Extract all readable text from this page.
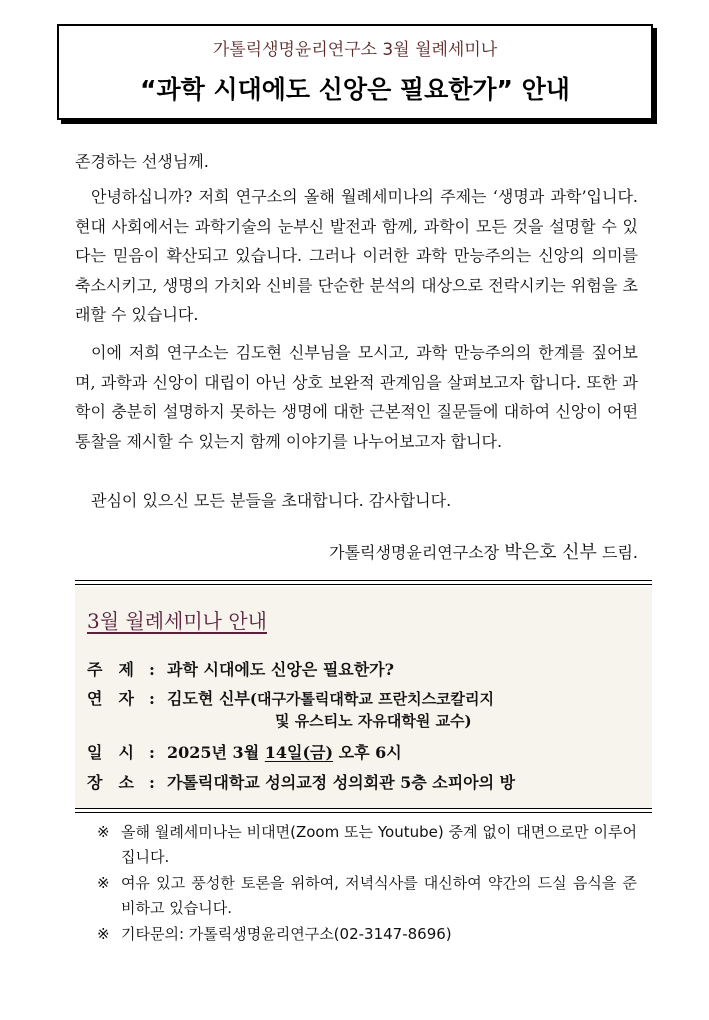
가톨릭생명윤리연구소 3월 월례세미나
“과학 시대에도 신앙은 필요한가” 안내
존경하는 선생님께.

안녕하십니까? 저희 연구소의 올해 월례세미나의 주제는 ‘생명과 과학’입니다. 현대 사회에서는 과학기술의 눈부신 발전과 함께, 과학이 모든 것을 설명할 수 있다는 믿음이 확산되고 있습니다. 그러나 이러한 과학 만능주의는 신앙의 의미를 축소시키고, 생명의 가치와 신비를 단순한 분석의 대상으로 전락시키는 위험을 초래할 수 있습니다.

이에 저희 연구소는 김도현 신부님을 모시고, 과학 만능주의의 한계를 짚어보며, 과학과 신앙이 대립이 아닌 상호 보완적 관계임을 살펴보고자 합니다. 또한 과학이 충분히 설명하지 못하는 생명에 대한 근본적인 질문들에 대하여 신앙이 어떤 통찰을 제시할 수 있는지 함께 이야기를 나누어보고자 합니다.

관심이 있으신 모든 분들을 초대합니다. 감사합니다.

가톨릭생명윤리연구소장 박은호 신부 드림.
3월 월례세미나 안내
주　제 : 과학 시대에도 신앙은 필요한가?
연　자 : 김도현 신부(대구가톨릭대학교 프란치스코칼리지
및 유스티노 자유대학원 교수)
일　시 : 2025년 3월 14일(금) 오후 6시
장　소 : 가톨릭대학교 성의교정 성의회관 5층 소피아의 방
※ 올해 월례세미나는 비대면(Zoom 또는 Youtube) 중계 없이 대면으로만 이루어집니다.
※ 여유 있고 풍성한 토론을 위하여, 저녁식사를 대신하여 약간의 드실 음식을 준비하고 있습니다.
※ 기타문의: 가톨릭생명윤리연구소(02-3147-8696)
